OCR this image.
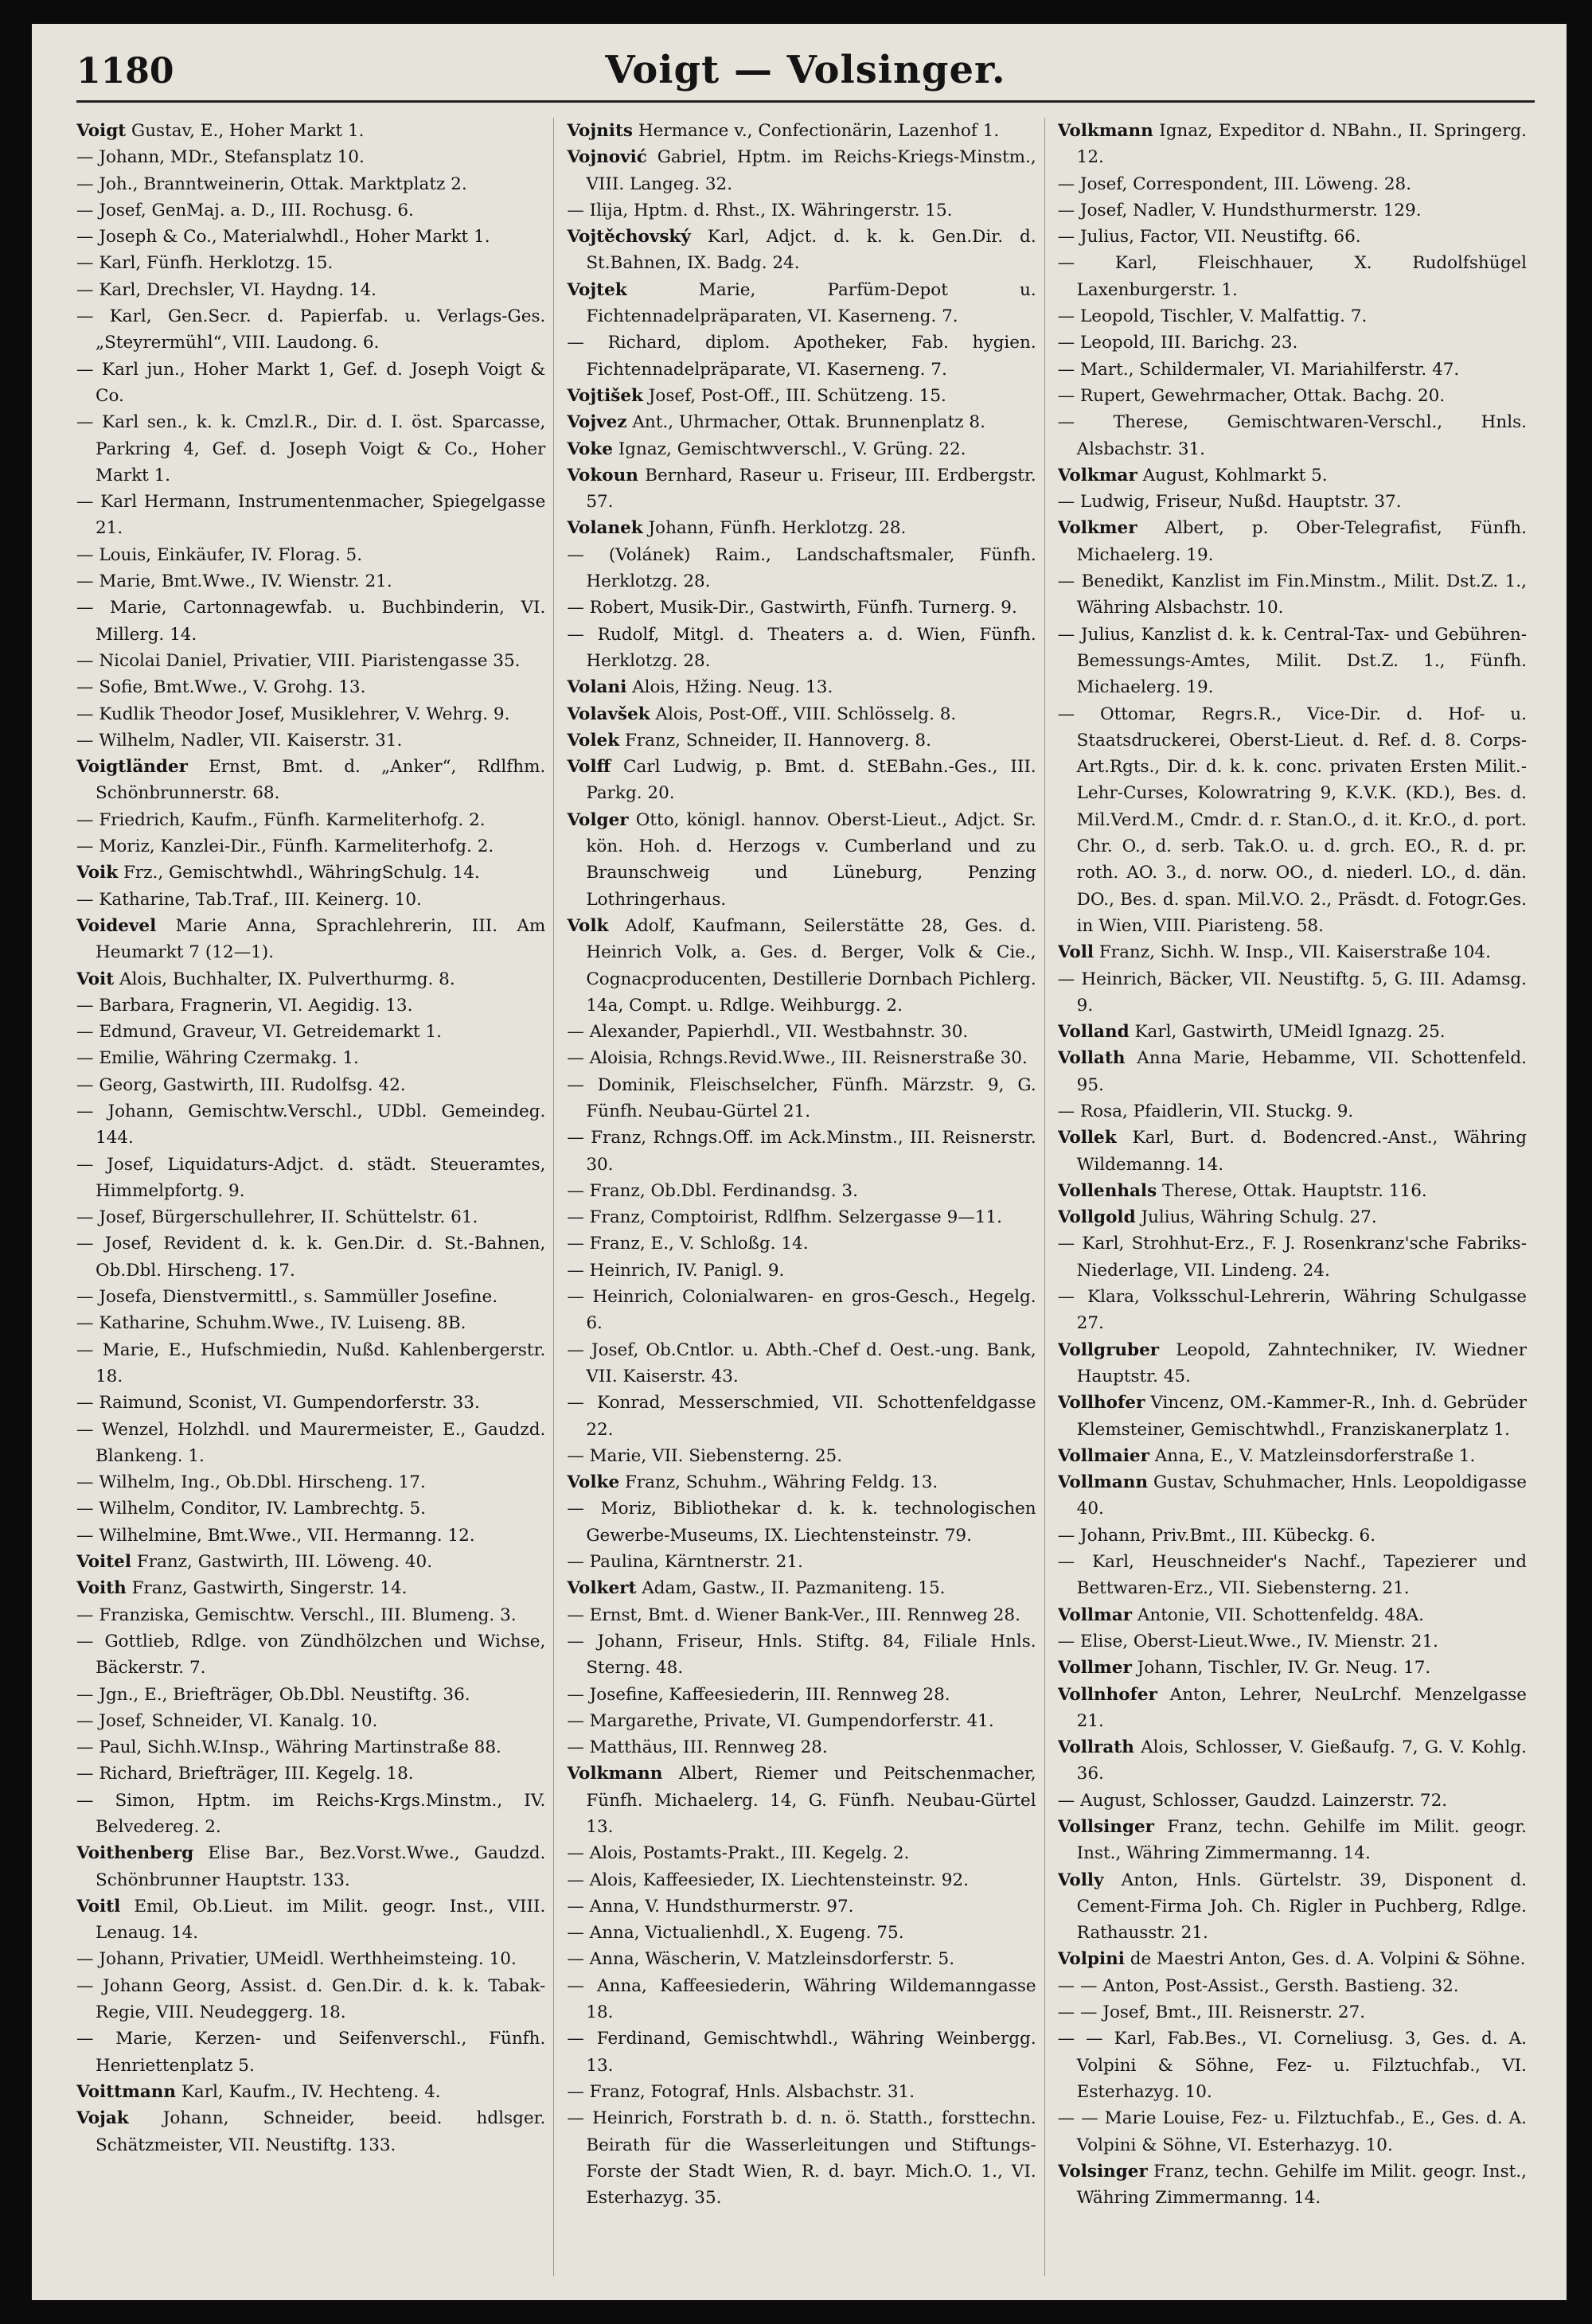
1180	Voigt — Volsinger.

Voigt Gustav, E., Hoher Markt 1.

— Johann, MDr., Stefansplatz 10.

— Joh., Branntweinerin, Ottak. Marktplatz 2.

— Josef, GenMaj. a. D., III. Rochusg. 6.

— Joseph & Co., Materialwhdl., Hoher Markt 1.

— Karl, Fünfh. Herklotzg. 15.

— Karl, Drechsler, VI. Haydng. 14.

— Karl, Gen.Secr. d. Papierfab. u. Verlags-Ges. „Steyrermühl“, VIII. Laudong. 6.

— Karl jun., Hoher Markt 1, Gef. d. Joseph Voigt & Co.

— Karl sen., k. k. Cmzl.R., Dir. d. I. öst. Sparcasse, Parkring 4, Gef. d. Joseph Voigt & Co., Hoher Markt 1.

— Karl Hermann, Instrumentenmacher, Spiegelgasse 21.

— Louis, Einkäufer, IV. Florag. 5.

— Marie, Bmt.Wwe., IV. Wienstr. 21.

— Marie, Cartonnagewfab. u. Buchbinderin, VI. Millerg. 14.

— Nicolai Daniel, Privatier, VIII. Piaristengasse 35.

— Sofie, Bmt.Wwe., V. Grohg. 13.

— Kudlik Theodor Josef, Musiklehrer, V. Wehrg. 9.

— Wilhelm, Nadler, VII. Kaiserstr. 31.

Voigtländer Ernst, Bmt. d. „Anker“, Rdlfhm. Schönbrunnerstr. 68.

— Friedrich, Kaufm., Fünfh. Karmeliterhofg. 2.

— Moriz, Kanzlei-Dir., Fünfh. Karmeliterhofg. 2.

Voik Frz., Gemischtwhdl., WähringSchulg. 14.

— Katharine, Tab.Traf., III. Keinerg. 10.

Voidevel Marie Anna, Sprachlehrerin, III. Am Heumarkt 7 (12—1).

Voit Alois, Buchhalter, IX. Pulverthurmg. 8.

— Barbara, Fragnerin, VI. Aegidig. 13.

— Edmund, Graveur, VI. Getreidemarkt 1.

— Emilie, Währing Czermakg. 1.

— Georg, Gastwirth, III. Rudolfsg. 42.

— Johann, Gemischtw.Verschl., UDbl. Gemeindeg. 144.

— Josef, Liquidaturs-Adjct. d. städt. Steueramtes, Himmelpfortg. 9.

— Josef, Bürgerschullehrer, II. Schüttelstr. 61.

— Josef, Revident d. k. k. Gen.Dir. d. St.-Bahnen, Ob.Dbl. Hirscheng. 17.

— Josefa, Dienstvermittl., s. Sammüller Josefine.

— Katharine, Schuhm.Wwe., IV. Luiseng. 8B.

— Marie, E., Hufschmiedin, Nußd. Kahlenbergerstr. 18.

— Raimund, Sconist, VI. Gumpendorferstr. 33.

— Wenzel, Holzhdl. und Maurermeister, E., Gaudzd. Blankeng. 1.

— Wilhelm, Ing., Ob.Dbl. Hirscheng. 17.

— Wilhelm, Conditor, IV. Lambrechtg. 5.

— Wilhelmine, Bmt.Wwe., VII. Hermanng. 12.

Voitel Franz, Gastwirth, III. Löweng. 40.

Voith Franz, Gastwirth, Singerstr. 14.

— Franziska, Gemischtw. Verschl., III. Blumeng. 3.

— Gottlieb, Rdlge. von Zündhölzchen und Wichse, Bäckerstr. 7.

— Jgn., E., Briefträger, Ob.Dbl. Neustiftg. 36.

— Josef, Schneider, VI. Kanalg. 10.

— Paul, Sichh.W.Insp., Währing Martinstraße 88.

— Richard, Briefträger, III. Kegelg. 18.

— Simon, Hptm. im Reichs-Krgs.Minstm., IV. Belvedereg. 2.

Voithenberg Elise Bar., Bez.Vorst.Wwe., Gaudzd. Schönbrunner Hauptstr. 133.

Voitl Emil, Ob.Lieut. im Milit. geogr. Inst., VIII. Lenaug. 14.

— Johann, Privatier, UMeidl. Werthheimsteing. 10.

— Johann Georg, Assist. d. Gen.Dir. d. k. k. Tabak-Regie, VIII. Neudeggerg. 18.

— Marie, Kerzen- und Seifenverschl., Fünfh. Henriettenplatz 5.

Voittmann Karl, Kaufm., IV. Hechteng. 4.

Vojak Johann, Schneider, beeid. hdlsger. Schätzmeister, VII. Neustiftg. 133.

Vojnits Hermance v., Confectionärin, Lazenhof 1.

Vojnović Gabriel, Hptm. im Reichs-Kriegs-Minstm., VIII. Langeg. 32.

— Ilija, Hptm. d. Rhst., IX. Währingerstr. 15.

Vojtěchovský Karl, Adjct. d. k. k. Gen.Dir. d. St.Bahnen, IX. Badg. 24.

Vojtek Marie, Parfüm-Depot u. Fichtennadelpräparaten, VI. Kaserneng. 7.

— Richard, diplom. Apotheker, Fab. hygien. Fichtennadelpräparate, VI. Kaserneng. 7.

Vojtišek Josef, Post-Off., III. Schützeng. 15.

Vojvez Ant., Uhrmacher, Ottak. Brunnenplatz 8.

Voke Ignaz, Gemischtwverschl., V. Grüng. 22.

Vokoun Bernhard, Raseur u. Friseur, III. Erdbergstr. 57.

Volanek Johann, Fünfh. Herklotzg. 28.

— (Volánek) Raim., Landschaftsmaler, Fünfh. Herklotzg. 28.

— Robert, Musik-Dir., Gastwirth, Fünfh. Turnerg. 9.

— Rudolf, Mitgl. d. Theaters a. d. Wien, Fünfh. Herklotzg. 28.

Volani Alois, Hžing. Neug. 13.

Volavšek Alois, Post-Off., VIII. Schlösselg. 8.

Volek Franz, Schneider, II. Hannoverg. 8.

Volff Carl Ludwig, p. Bmt. d. StEBahn.-Ges., III. Parkg. 20.

Volger Otto, königl. hannov. Oberst-Lieut., Adjct. Sr. kön. Hoh. d. Herzogs v. Cumberland und zu Braunschweig und Lüneburg, Penzing Lothringerhaus.

Volk Adolf, Kaufmann, Seilerstätte 28, Ges. d. Heinrich Volk, a. Ges. d. Berger, Volk & Cie., Cognacproducenten, Destillerie Dornbach Pichlerg. 14a, Compt. u. Rdlge. Weihburgg. 2.

— Alexander, Papierhdl., VII. Westbahnstr. 30.

— Aloisia, Rchngs.Revid.Wwe., III. Reisnerstraße 30.

— Dominik, Fleischselcher, Fünfh. Märzstr. 9, G. Fünfh. Neubau-Gürtel 21.

— Franz, Rchngs.Off. im Ack.Minstm., III. Reisnerstr. 30.

— Franz, Ob.Dbl. Ferdinandsg. 3.

— Franz, Comptoirist, Rdlfhm. Selzergasse 9—11.

— Franz, E., V. Schloßg. 14.

— Heinrich, IV. Panigl. 9.

— Heinrich, Colonialwaren- en gros-Gesch., Hegelg. 6.

— Josef, Ob.Cntlor. u. Abth.-Chef d. Oest.-ung. Bank, VII. Kaiserstr. 43.

— Konrad, Messerschmied, VII. Schottenfeldgasse 22.

— Marie, VII. Siebensterng. 25.

Volke Franz, Schuhm., Währing Feldg. 13.

— Moriz, Bibliothekar d. k. k. technologischen Gewerbe-Museums, IX. Liechtensteinstr. 79.

— Paulina, Kärntnerstr. 21.

Volkert Adam, Gastw., II. Pazmaniteng. 15.

— Ernst, Bmt. d. Wiener Bank-Ver., III. Rennweg 28.

— Johann, Friseur, Hnls. Stiftg. 84, Filiale Hnls. Sterng. 48.

— Josefine, Kaffeesiederin, III. Rennweg 28.

— Margarethe, Private, VI. Gumpendorferstr. 41.

— Matthäus, III. Rennweg 28.

Volkmann Albert, Riemer und Peitschenmacher, Fünfh. Michaelerg. 14, G. Fünfh. Neubau-Gürtel 13.

— Alois, Postamts-Prakt., III. Kegelg. 2.

— Alois, Kaffeesieder, IX. Liechtensteinstr. 92.

— Anna, V. Hundsthurmerstr. 97.

— Anna, Victualienhdl., X. Eugeng. 75.

— Anna, Wäscherin, V. Matzleinsdorferstr. 5.

— Anna, Kaffeesiederin, Währing Wildemanngasse 18.

— Ferdinand, Gemischtwhdl., Währing Weinbergg. 13.

— Franz, Fotograf, Hnls. Alsbachstr. 31.

— Heinrich, Forstrath b. d. n. ö. Statth., forsttechn. Beirath für die Wasserleitungen und Stiftungs-Forste der Stadt Wien, R. d. bayr. Mich.O. 1., VI. Esterhazyg. 35.

Volkmann Ignaz, Expeditor d. NBahn., II. Springerg. 12.

— Josef, Correspondent, III. Löweng. 28.

— Josef, Nadler, V. Hundsthurmerstr. 129.

— Julius, Factor, VII. Neustiftg. 66.

— Karl, Fleischhauer, X. Rudolfshügel Laxenburgerstr. 1.

— Leopold, Tischler, V. Malfattig. 7.

— Leopold, III. Barichg. 23.

— Mart., Schildermaler, VI. Mariahilferstr. 47.

— Rupert, Gewehrmacher, Ottak. Bachg. 20.

— Therese, Gemischtwaren-Verschl., Hnls. Alsbachstr. 31.

Volkmar August, Kohlmarkt 5.

— Ludwig, Friseur, Nußd. Hauptstr. 37.

Volkmer Albert, p. Ober-Telegrafist, Fünfh. Michaelerg. 19.

— Benedikt, Kanzlist im Fin.Minstm., Milit. Dst.Z. 1., Währing Alsbachstr. 10.

— Julius, Kanzlist d. k. k. Central-Tax- und Gebühren-Bemessungs-Amtes, Milit. Dst.Z. 1., Fünfh. Michaelerg. 19.

— Ottomar, Regrs.R., Vice-Dir. d. Hof- u. Staatsdruckerei, Oberst-Lieut. d. Ref. d. 8. Corps-Art.Rgts., Dir. d. k. k. conc. privaten Ersten Milit.-Lehr-Curses, Kolowratring 9, K.V.K. (KD.), Bes. d. Mil.Verd.M., Cmdr. d. r. Stan.O., d. it. Kr.O., d. port. Chr. O., d. serb. Tak.O. u. d. grch. EO., R. d. pr. roth. AO. 3., d. norw. OO., d. niederl. LO., d. dän. DO., Bes. d. span. Mil.V.O. 2., Präsdt. d. Fotogr.Ges. in Wien, VIII. Piaristeng. 58.

Voll Franz, Sichh. W. Insp., VII. Kaiserstraße 104.

— Heinrich, Bäcker, VII. Neustiftg. 5, G. III. Adamsg. 9.

Volland Karl, Gastwirth, UMeidl Ignazg. 25.

Vollath Anna Marie, Hebamme, VII. Schottenfeld. 95.

— Rosa, Pfaidlerin, VII. Stuckg. 9.

Vollek Karl, Burt. d. Bodencred.-Anst., Währing Wildemanng. 14.

Vollenhals Therese, Ottak. Hauptstr. 116.

Vollgold Julius, Währing Schulg. 27.

— Karl, Strohhut-Erz., F. J. Rosenkranz'sche Fabriks-Niederlage, VII. Lindeng. 24.

— Klara, Volksschul-Lehrerin, Währing Schulgasse 27.

Vollgruber Leopold, Zahntechniker, IV. Wiedner Hauptstr. 45.

Vollhofer Vincenz, OM.-Kammer-R., Inh. d. Gebrüder Klemsteiner, Gemischtwhdl., Franziskanerplatz 1.

Vollmaier Anna, E., V. Matzleinsdorferstraße 1.

Vollmann Gustav, Schuhmacher, Hnls. Leopoldigasse 40.

— Johann, Priv.Bmt., III. Kübeckg. 6.

— Karl, Heuschneider's Nachf., Tapezierer und Bettwaren-Erz., VII. Siebensterng. 21.

Vollmar Antonie, VII. Schottenfeldg. 48A.

— Elise, Oberst-Lieut.Wwe., IV. Mienstr. 21.

Vollmer Johann, Tischler, IV. Gr. Neug. 17.

Vollnhofer Anton, Lehrer, NeuLrchf. Menzelgasse 21.

Vollrath Alois, Schlosser, V. Gießaufg. 7, G. V. Kohlg. 36.

— August, Schlosser, Gaudzd. Lainzerstr. 72.

Vollsinger Franz, techn. Gehilfe im Milit. geogr. Inst., Währing Zimmermanng. 14.

Volly Anton, Hnls. Gürtelstr. 39, Disponent d. Cement-Firma Joh. Ch. Rigler in Puchberg, Rdlge. Rathausstr. 21.

Volpini de Maestri Anton, Ges. d. A. Volpini & Söhne.

— — Anton, Post-Assist., Gersth. Bastieng. 32.

— — Josef, Bmt., III. Reisnerstr. 27.

— — Karl, Fab.Bes., VI. Corneliusg. 3, Ges. d. A. Volpini & Söhne, Fez- u. Filztuchfab., VI. Esterhazyg. 10.

— — Marie Louise, Fez- u. Filztuchfab., E., Ges. d. A. Volpini & Söhne, VI. Esterhazyg. 10.

Volsinger Franz, techn. Gehilfe im Milit. geogr. Inst., Währing Zimmermanng. 14.
